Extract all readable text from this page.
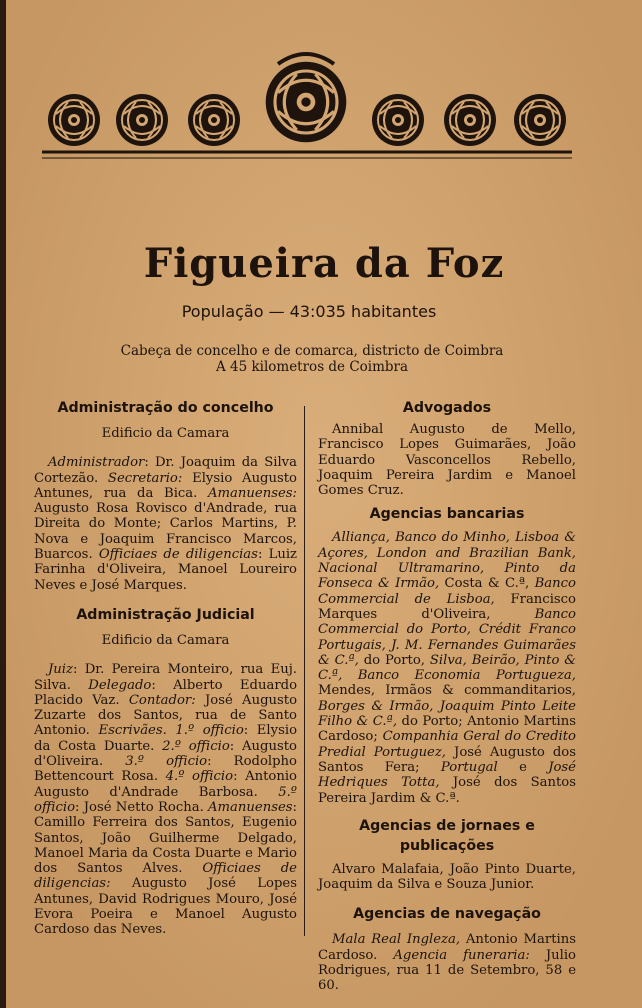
Figueira da Foz
População — 43:035 habitantes
Cabeça de concelho e de comarca, districto de Coimbra
A 45 kilometros de Coimbra
Administração do concelho
Edificio da Camara

Administrador: Dr. Joaquim da Silva Cortezão. Secretario: Elysio Augusto Antunes, rua da Bica. Amanuenses: Augusto Rosa Rovisco d'Andrade, rua Direita do Monte; Carlos Martins, P. Nova e Joaquim Francisco Marcos, Buarcos. Officiaes de diligencias: Luiz Farinha d'Oliveira, Manoel Loureiro Neves e José Marques.

Administração Judicial
Edificio da Camara

Juiz: Dr. Pereira Monteiro, rua Euj. Silva. Delegado: Alberto Eduardo Placido Vaz. Contador: José Augusto Zuzarte dos Santos, rua de Santo Antonio. Escrivães. 1.º officio: Elysio da Costa Duarte. 2.º officio: Augusto d'Oliveira. 3.º officio: Rodolpho Bettencourt Rosa. 4.º officio: Antonio Augusto d'Andrade Barbosa. 5.º officio: José Netto Rocha. Amanuenses: Camillo Ferreira dos Santos, Eugenio Santos, João Guilherme Delgado, Manoel Maria da Costa Duarte e Mario dos Santos Alves. Officiaes de diligencias: Augusto José Lopes Antunes, David Rodrigues Mouro, José Evora Poeira e Manoel Augusto Cardoso das Neves.

Advogados

Annibal Augusto de Mello, Francisco Lopes Guimarães, João Eduardo Vasconcellos Rebello, Joaquim Pereira Jardim e Manoel Gomes Cruz.

Agencias bancarias

Alliança, Banco do Minho, Lisboa & Açores, London and Brazilian Bank, Nacional Ultramarino, Pinto da Fonseca & Irmão, Costa & C.ª, Banco Commercial de Lisboa, Francisco Marques d'Oliveira, Banco Commercial do Porto, Crédit Franco Portugais, J. M. Fernandes Guimarães & C.ª, do Porto, Silva, Beirão, Pinto & C.ª, Banco Economia Portugueza, Mendes, Irmãos & commanditarios, Borges & Irmão, Joaquim Pinto Leite Filho & C.ª, do Porto; Antonio Martins Cardoso; Companhia Geral do Credito Predial Portuguez, José Augusto dos Santos Fera; Portugal e José Hedriques Totta, José dos Santos Pereira Jardim & C.ª.

Agencias de jornaes e publicações

Alvaro Malafaia, João Pinto Duarte, Joaquim da Silva e Souza Junior.

Agencias de navegação

Mala Real Ingleza, Antonio Martins Cardoso. Agencia funeraria: Julio Rodrigues, rua 11 de Setembro, 58 e 60.
